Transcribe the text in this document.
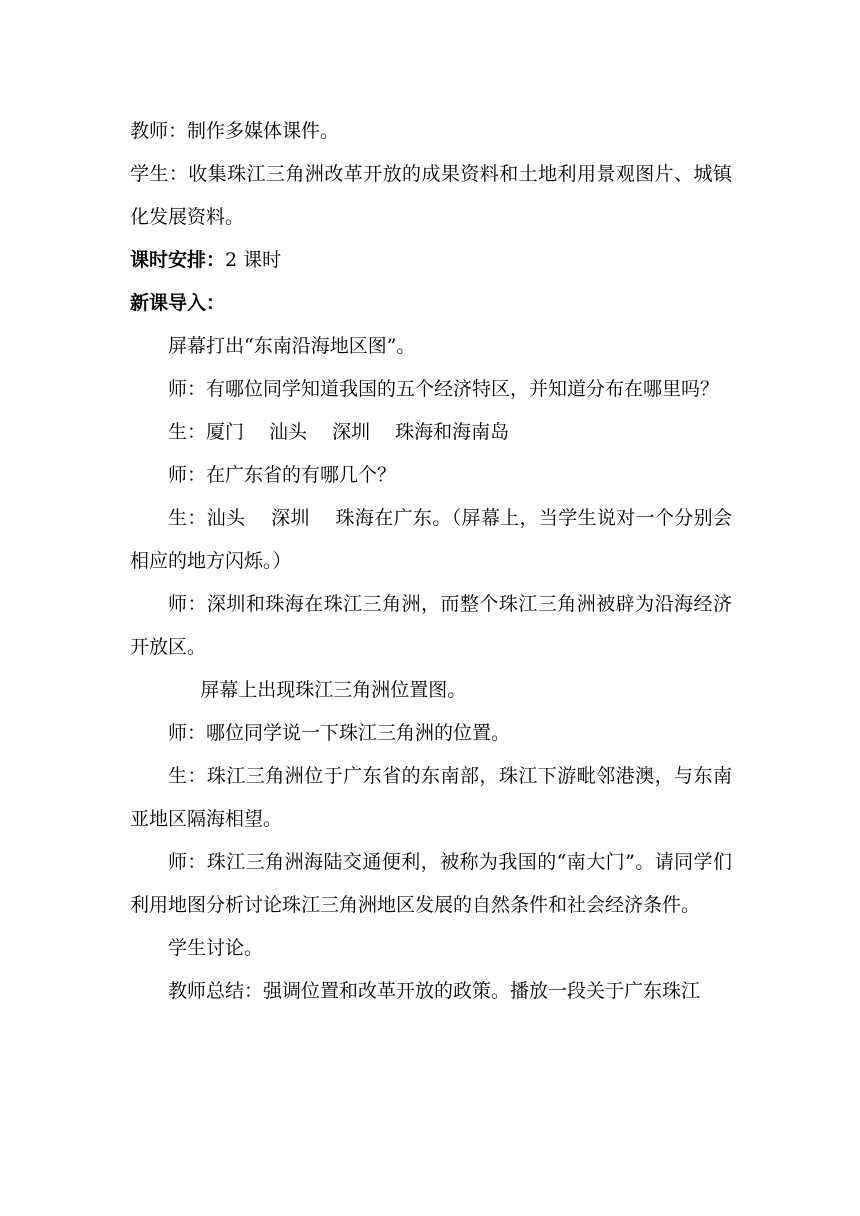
教师：制作多媒体课件。

学生：收集珠江三角洲改革开放的成果资料和土地利用景观图片、城镇化发展资料。

课时安排：2 课时

新课导入：

屏幕打出“东南沿海地区图”。

师：有哪位同学知道我国的五个经济特区，并知道分布在哪里吗？

生：厦门　 汕头　 深圳　 珠海和海南岛

师：在广东省的有哪几个？

生：汕头　 深圳　 珠海在广东。（屏幕上，当学生说对一个分别会相应的地方闪烁。）

师：深圳和珠海在珠江三角洲，而整个珠江三角洲被辟为沿海经济开放区。

屏幕上出现珠江三角洲位置图。

师：哪位同学说一下珠江三角洲的位置。

生：珠江三角洲位于广东省的东南部，珠江下游毗邻港澳，与东南亚地区隔海相望。

师：珠江三角洲海陆交通便利，被称为我国的“南大门”。请同学们利用地图分析讨论珠江三角洲地区发展的自然条件和社会经济条件。

学生讨论。

教师总结：强调位置和改革开放的政策。播放一段关于广东珠江
